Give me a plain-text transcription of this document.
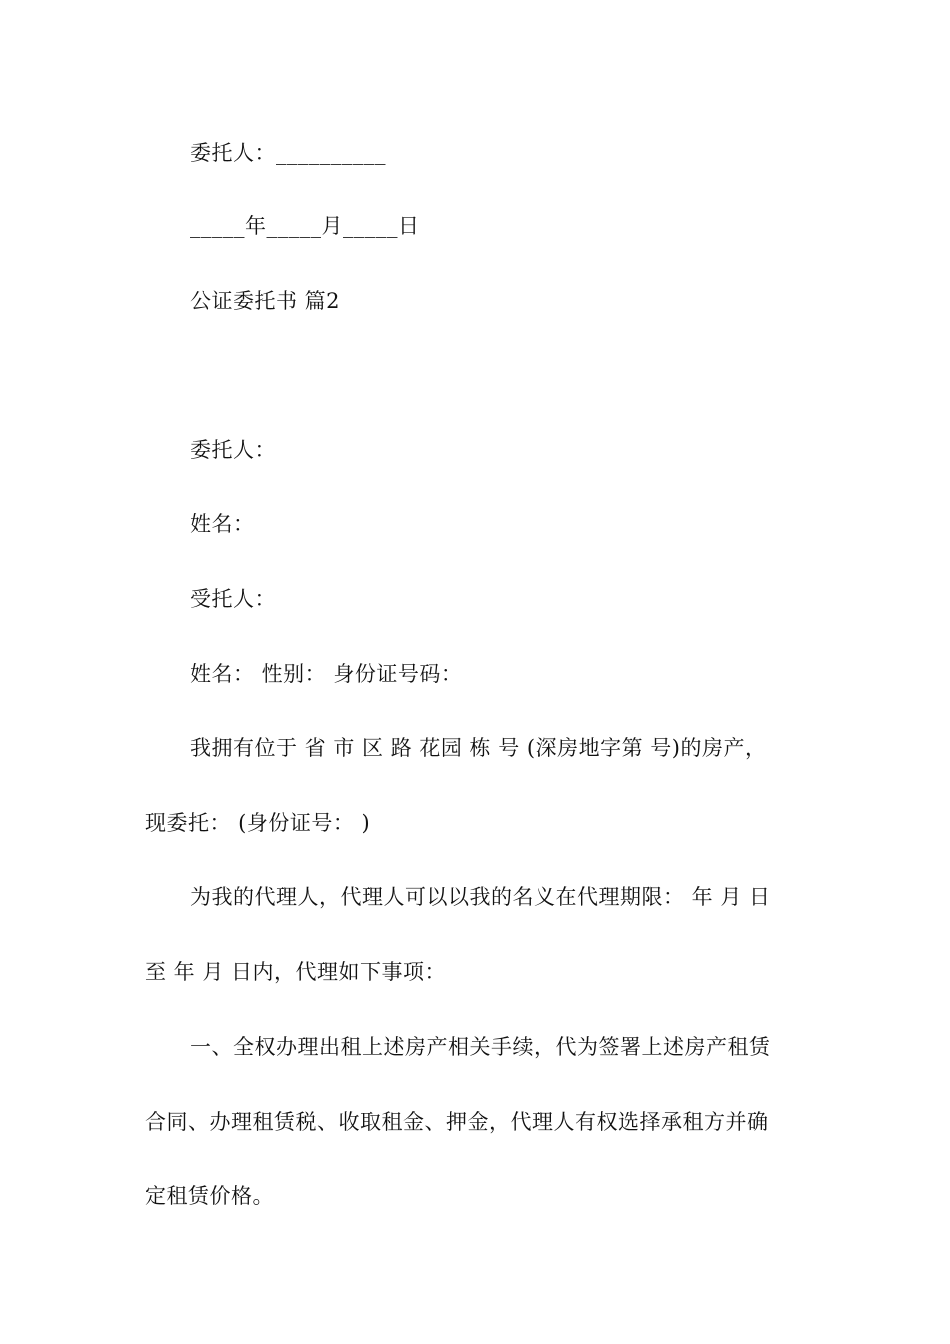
委托人：__________
_____年_____月_____日
公证委托书 篇2
委托人：
姓名：
受托人：
姓名： 性别： 身份证号码：
我拥有位于 省 市 区 路 花园 栋 号 (深房地字第 号)的房产，
现委托： (身份证号： )
为我的代理人，代理人可以以我的名义在代理期限： 年 月 日
至 年 月 日内，代理如下事项：
一、全权办理出租上述房产相关手续，代为签署上述房产租赁
合同、办理租赁税、收取租金、押金，代理人有权选择承租方并确
定租赁价格。
